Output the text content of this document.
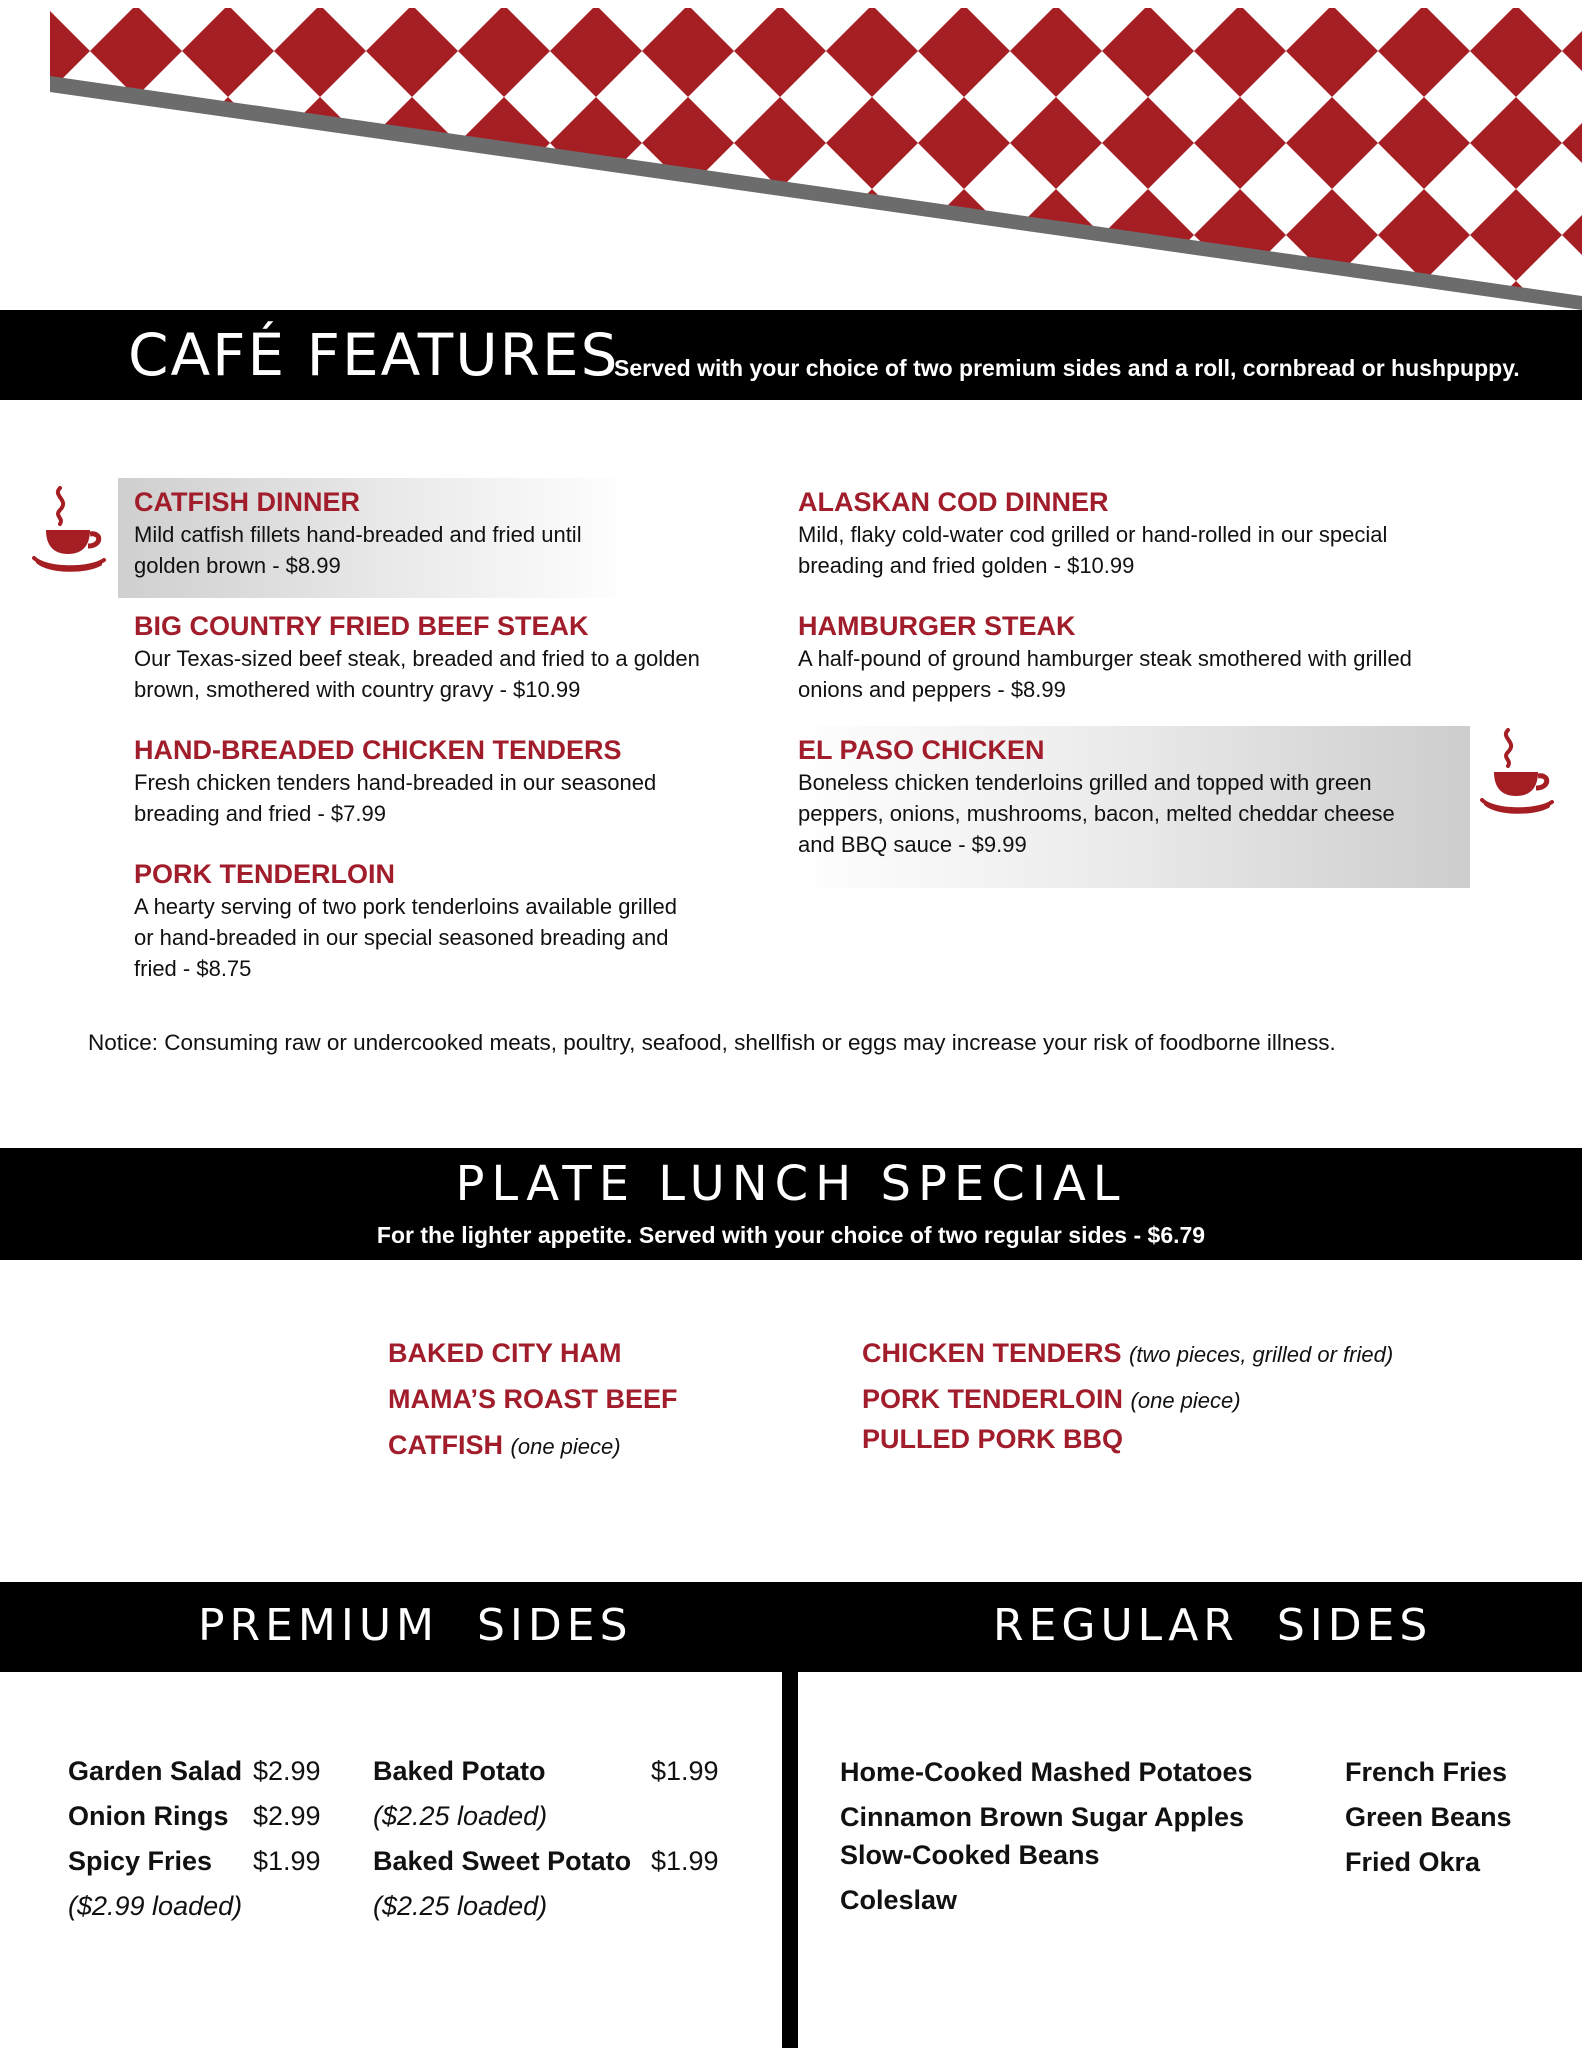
CAFÉ FEATURES
Served with your choice of two premium sides and a roll, cornbread or hushpuppy.
CATFISH DINNER
Mild catfish fillets hand-breaded and fried until
golden brown - $8.99
BIG COUNTRY FRIED BEEF STEAK
Our Texas-sized beef steak, breaded and fried to a golden
brown, smothered with country gravy - $10.99
HAND-BREADED CHICKEN TENDERS
Fresh chicken tenders hand-breaded in our seasoned
breading and fried - $7.99
PORK TENDERLOIN
A hearty serving of two pork tenderloins available grilled
or hand-breaded in our special seasoned breading and
fried - $8.75
ALASKAN COD DINNER
Mild, flaky cold-water cod grilled or hand-rolled in our special
breading and fried golden - $10.99
HAMBURGER STEAK
A half-pound of ground hamburger steak smothered with grilled
onions and peppers - $8.99
EL PASO CHICKEN
Boneless chicken tenderloins grilled and topped with green
peppers, onions, mushrooms, bacon, melted cheddar cheese
and BBQ sauce - $9.99
Notice: Consuming raw or undercooked meats, poultry, seafood, shellfish or eggs may increase your risk of foodborne illness.
PLATE LUNCH SPECIAL
For the lighter appetite. Served with your choice of two regular sides - $6.79
BAKED CITY HAM
MAMA’S ROAST BEEF
CATFISH (one piece)
CHICKEN TENDERS (two pieces, grilled or fried)
PORK TENDERLOIN (one piece)
PULLED PORK BBQ
PREMIUM  SIDES	REGULAR  SIDES
Garden Salad $2.99
Onion Rings $2.99
Spicy Fries $1.99
($2.99 loaded)
Baked Potato	$1.99
($2.25 loaded)
Baked Sweet Potato $1.99
($2.25 loaded)
Home-Cooked Mashed Potatoes
Cinnamon Brown Sugar Apples
Slow-Cooked Beans
Coleslaw
French Fries
Green Beans
Fried Okra
